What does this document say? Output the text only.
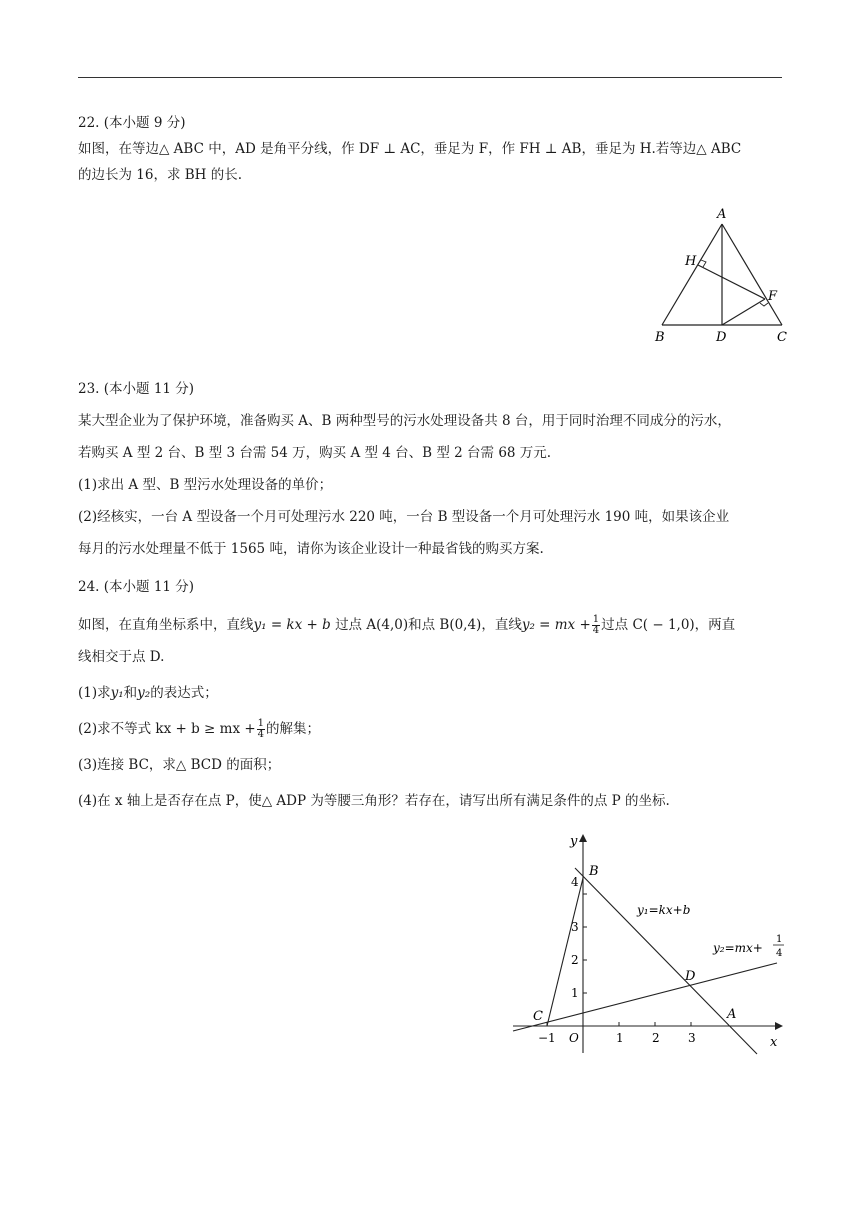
22. (本小题 9 分)

如图，在等边△ ABC 中，AD 是角平分线，作 DF ⊥ AC，垂足为 F，作 FH ⊥ AB，垂足为 H.若等边△ ABC

的边长为 16，求 BH 的长.

A
B	C
D
F
H

23. (本小题 11 分)

某大型企业为了保护环境，准备购买 A、B 两种型号的污水处理设备共 8 台，用于同时治理不同成分的污水，

若购买 A 型 2 台、B 型 3 台需 54 万，购买 A 型 4 台、B 型 2 台需 68 万元.

(1)求出 A 型、B 型污水处理设备的单价；

(2)经核实，一台 A 型设备一个月可处理污水 220 吨，一台 B 型设备一个月可处理污水 190 吨，如果该企业

每月的污水处理量不低于 1565 吨，请你为该企业设计一种最省钱的购买方案.

24. (本小题 11 分)

如图，在直角坐标系中，直线y₁ = kx + b 过点 A(4,0)和点 B(0,4)，直线y₂ = mx + $\frac{1}{4}$ 过点 C( − 1,0)，两直

线相交于点 D.

(1)求y₁和y₂的表达式；

(2)求不等式 kx + b ≥ mx + $\frac{1}{4}$ 的解集；

(3)连接 BC，求△ BCD 的面积；

(4)在 x 轴上是否存在点 P，使△ ADP 为等腰三角形？若存在，请写出所有满足条件的点 P 的坐标.

x
y
O
−1	1 2 3
1
2
3
4
B
A
C
D
y₁=kx+b
y₂=mx+
1
4
